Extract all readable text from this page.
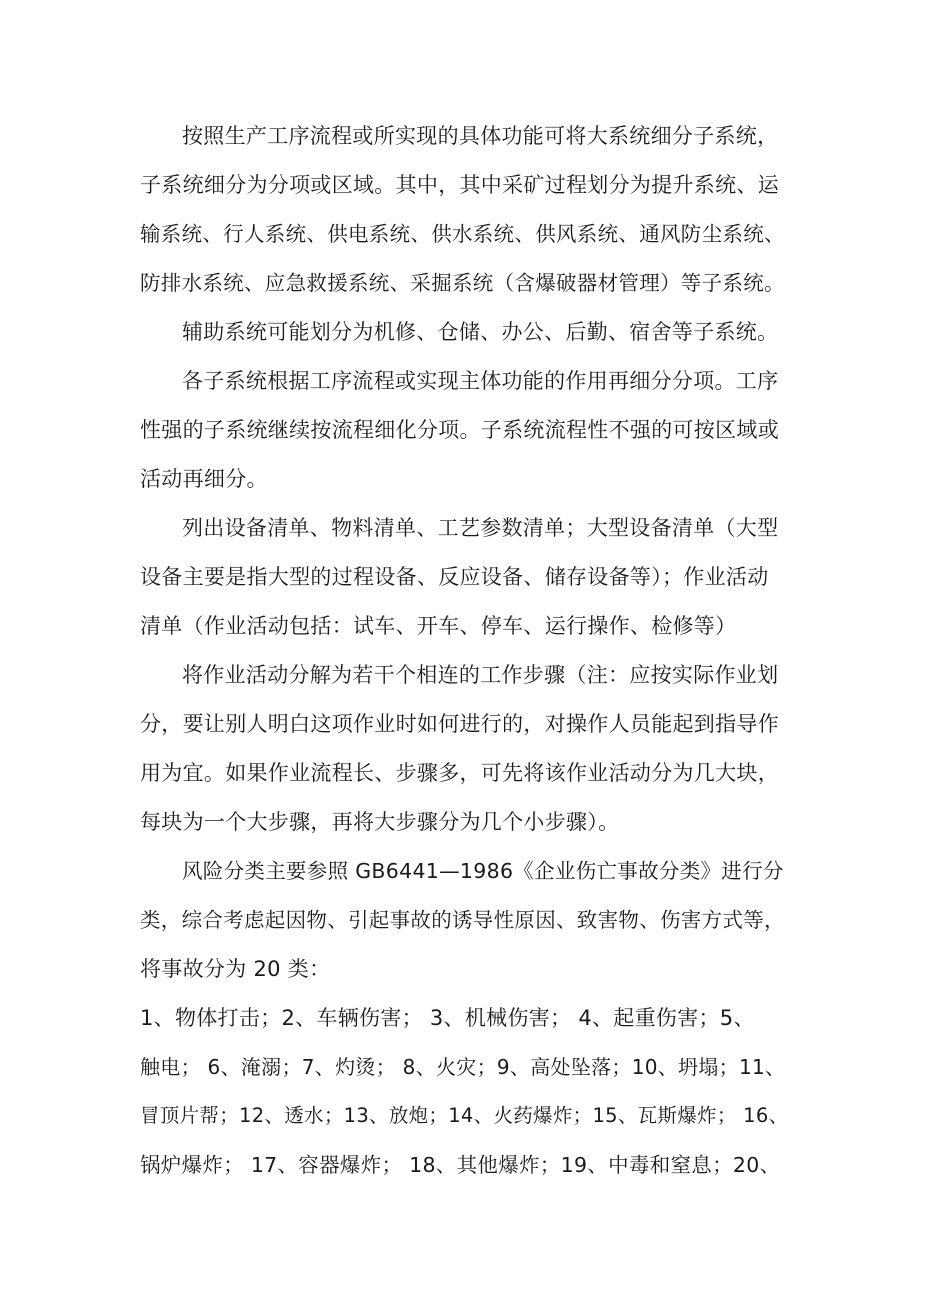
按照生产工序流程或所实现的具体功能可将大系统细分子系统，
子系统细分为分项或区域。其中，其中采矿过程划分为提升系统、运
输系统、行人系统、供电系统、供水系统、供风系统、通风防尘系统、
防排水系统、应急救援系统、采掘系统（含爆破器材管理）等子系统。
辅助系统可能划分为机修、仓储、办公、后勤、宿舍等子系统。
各子系统根据工序流程或实现主体功能的作用再细分分项。工序
性强的子系统继续按流程细化分项。子系统流程性不强的可按区域或
活动再细分。
列出设备清单、物料清单、工艺参数清单；大型设备清单（大型
设备主要是指大型的过程设备、反应设备、储存设备等）；作业活动
清单（作业活动包括：试车、开车、停车、运行操作、检修等）
将作业活动分解为若干个相连的工作步骤（注：应按实际作业划
分，要让别人明白这项作业时如何进行的，对操作人员能起到指导作
用为宜。如果作业流程长、步骤多，可先将该作业活动分为几大块，
每块为一个大步骤，再将大步骤分为几个小步骤）。
风险分类主要参照 GB6441—1986《企业伤亡事故分类》进行分
类，综合考虑起因物、引起事故的诱导性原因、致害物、伤害方式等，
将事故分为 20 类：
1、物体打击；2、车辆伤害； 3、机械伤害； 4、起重伤害；5、
触电； 6、淹溺；7、灼烫； 8、火灾；9、高处坠落；10、坍塌；11、
冒顶片帮；12、透水；13、放炮；14、火药爆炸；15、瓦斯爆炸； 16、
锅炉爆炸； 17、容器爆炸； 18、其他爆炸；19、中毒和窒息；20、
